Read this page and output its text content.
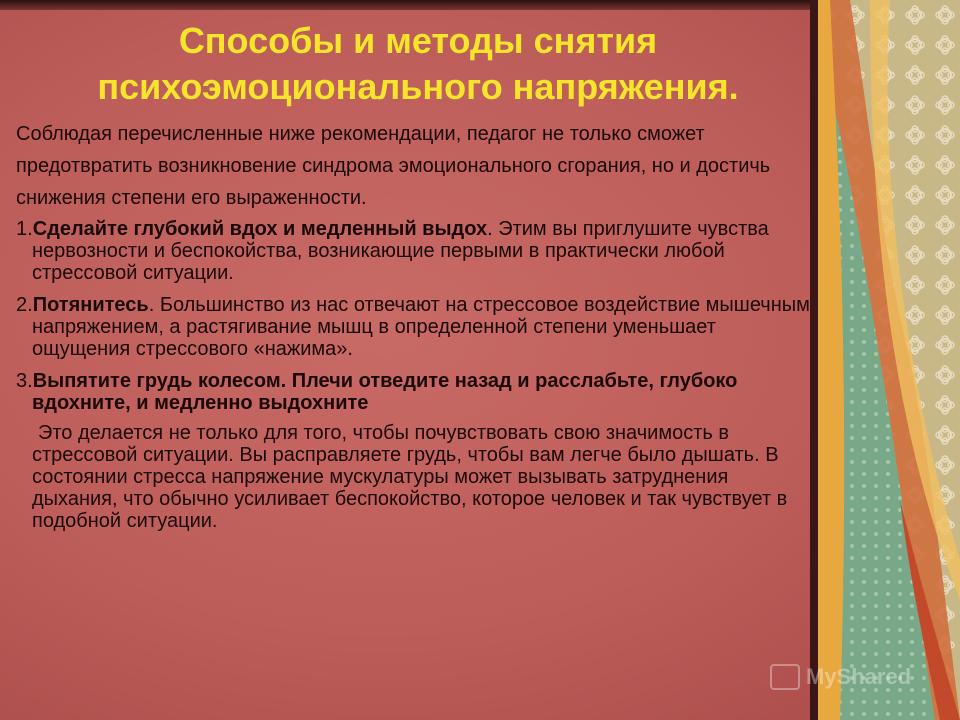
Способы и методы снятия психоэмоционального напряжения.

Соблюдая перечисленные ниже рекомендации, педагог не только сможет предотвратить возникновение синдрома эмоционального сгорания, но и достичь снижения степени его выраженности.

1.Сделайте глубокий вдох и медленный выдох. Этим вы приглушите чувства нервозности и беспокойства, возникающие первыми в практически любой стрессовой ситуации.

2.Потянитесь. Большинство из нас отвечают на стрессовое воздействие мышечным напряжением, а растягивание мышц в определенной степени уменьшает ощущения стрессового «нажима».

3.Выпятите грудь колесом. Плечи отведите назад и расслабьте, глубоко вдохните, и медленно выдохните

Это делается не только для того, чтобы почувствовать свою значимость в стрессовой ситуации. Вы расправляете грудь, чтобы вам легче было дышать. В состоянии стресса напряжение мускулатуры может вызывать затруднения дыхания, что обычно усиливает беспокойство, которое человек и так чувствует в подобной ситуации.

MyShared
